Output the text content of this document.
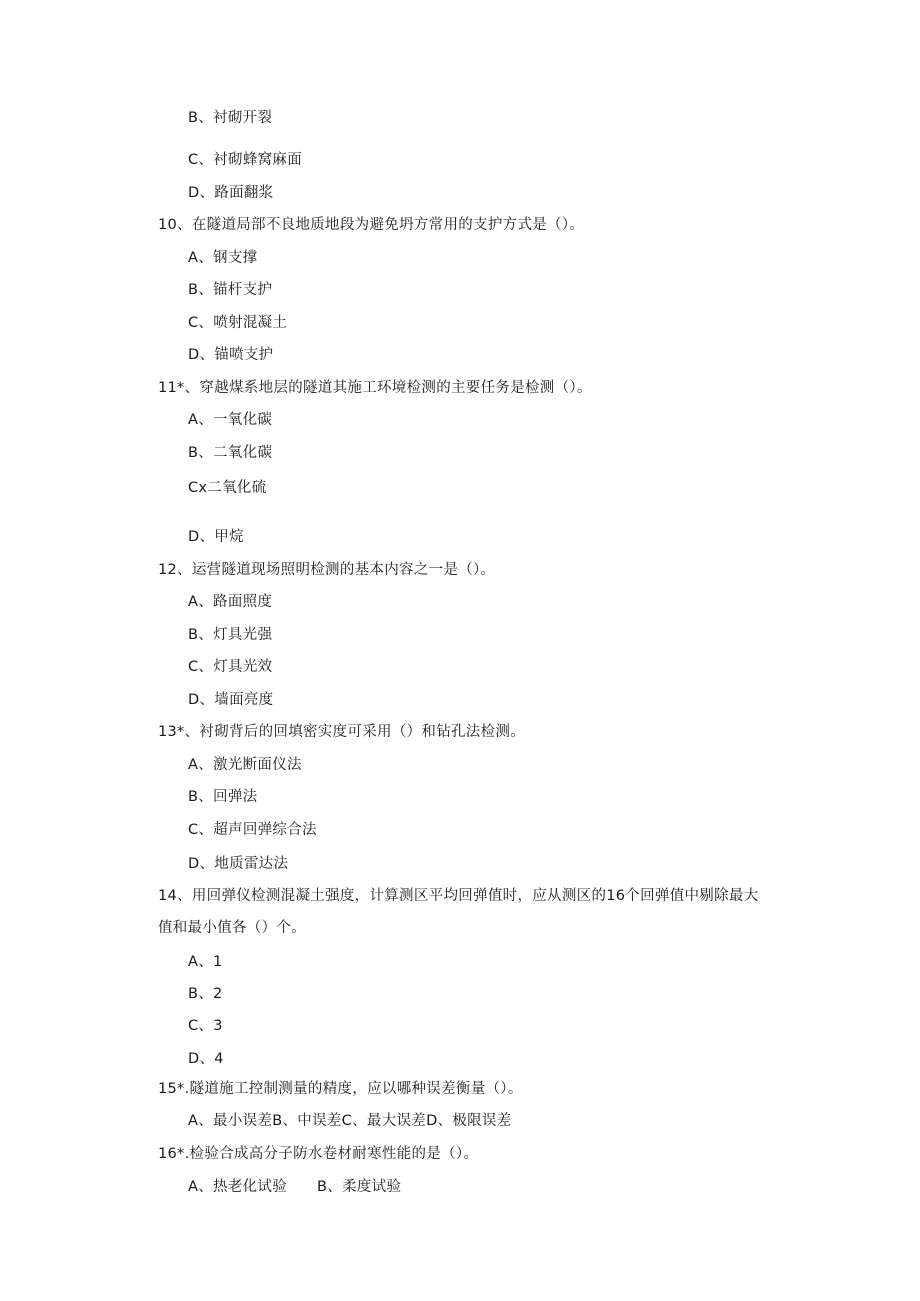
B、衬砌开裂
C、衬砌蜂窝麻面
D、路面翻浆
10、在隧道局部不良地质地段为避免坍方常用的支护方式是（）。
A、钢支撑
B、锚杆支护
C、喷射混凝土
D、锚喷支护
11*、穿越煤系地层的隧道其施工环境检测的主要任务是检测（）。
A、一氧化碳
B、二氧化碳
Cx二氧化硫
D、甲烷
12、运营隧道现场照明检测的基本内容之一是（）。
A、路面照度
B、灯具光强
C、灯具光效
D、墙面亮度
13*、衬砌背后的回填密实度可采用（）和钻孔法检测。
A、激光断面仪法
B、回弹法
C、超声回弹综合法
D、地质雷达法
14、用回弹仪检测混凝土强度，计算测区平均回弹值时，应从测区的16个回弹值中剔除最大
值和最小值各（）个。
A、1
B、2
C、3
D、4
15*.隧道施工控制测量的精度，应以哪种误差衡量（）。
A、最小误差B、中误差C、最大误差D、极限误差
16*.检验合成高分子防水卷材耐寒性能的是（）。
A、热老化试验 B、柔度试验
